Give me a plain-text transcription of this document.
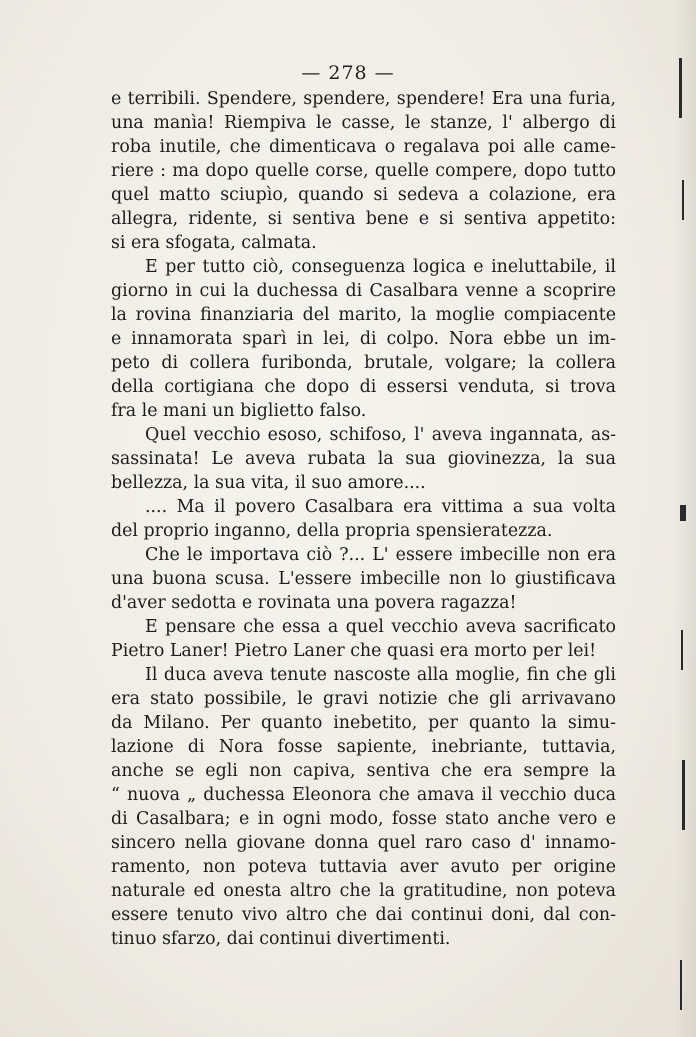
— 278 —
e terribili. Spendere, spendere, spendere! Era una furia,
una manìa! Riempiva le casse, le stanze, l' albergo di
roba inutile, che dimenticava o regalava poi alle came-
riere : ma dopo quelle corse, quelle compere, dopo tutto
quel matto sciupìo, quando si sedeva a colazione, era
allegra, ridente, si sentiva bene e si sentiva appetito:
si era sfogata, calmata.
E per tutto ciò, conseguenza logica e ineluttabile, il
giorno in cui la duchessa di Casalbara venne a scoprire
la rovina finanziaria del marito, la moglie compiacente
e innamorata sparì in lei, di colpo. Nora ebbe un im-
peto di collera furibonda, brutale, volgare; la collera
della cortigiana che dopo di essersi venduta, si trova
fra le mani un biglietto falso.
Quel vecchio esoso, schifoso, l' aveva ingannata, as-
sassinata! Le aveva rubata la sua giovinezza, la sua
bellezza, la sua vita, il suo amore....
.... Ma il povero Casalbara era vittima a sua volta
del proprio inganno, della propria spensieratezza.
Che le importava ciò ?... L' essere imbecille non era
una buona scusa. L'essere imbecille non lo giustificava
d'aver sedotta e rovinata una povera ragazza!
E pensare che essa a quel vecchio aveva sacrificato
Pietro Laner! Pietro Laner che quasi era morto per lei!
Il duca aveva tenute nascoste alla moglie, fin che gli
era stato possibile, le gravi notizie che gli arrivavano
da Milano. Per quanto inebetito, per quanto la simu-
lazione di Nora fosse sapiente, inebriante, tuttavia,
anche se egli non capiva, sentiva che era sempre la
“ nuova „ duchessa Eleonora che amava il vecchio duca
di Casalbara; e in ogni modo, fosse stato anche vero e
sincero nella giovane donna quel raro caso d' innamo-
ramento, non poteva tuttavia aver avuto per origine
naturale ed onesta altro che la gratitudine, non poteva
essere tenuto vivo altro che dai continui doni, dal con-
tinuo sfarzo, dai continui divertimenti.
